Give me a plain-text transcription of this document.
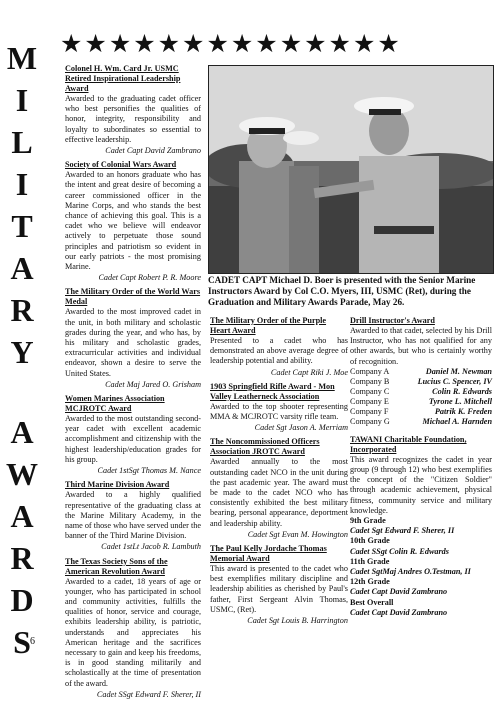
M
I
L
I
T
A
R
Y
A
W
A
R
D
S
★★★★★★★★★★★★★★
CADET CAPT Michael D. Boer is presented with the Senior Marine Instructors Award by Col C.O. Myers, III, USMC (Ret), during the Graduation and Military Awards Parade, May 26.
Colonel H. Wm. Card Jr. USMC Retired Inspirational Leadership Award
Awarded to the graduating cadet officer who best personifies the qualities of honor, integrity, responsibility and loyalty to subordinates so essential to effective leadership.
Cadet Capt David Zambrano
Society of Colonial Wars Award
Awarded to an honors graduate who has the intent and great desire of becoming a career commissioned officer in the Marine Corps, and who stands the best chance of achieving this goal. This is a cadet who we believe will endeavor actively to perpetuate those sound principles and patriotism so evident in our early patriots - the most promising Marine.
Cadet Capt Robert P. R. Moore
The Military Order of the World Wars Medal
Awarded to the most improved cadet in the unit, in both military and scholastic grades during the year, and who has, by his military and scholastic grades, extracurricular activities and individual endeavor, shown a desire to serve the United States.
Cadet Maj Jared O. Grisham
Women Marines Association MCJROTC Award
Awarded to the most outstanding second-year cadet with excellent academic accomplishment and citizenship with the highest leadership/education grades for his group.
Cadet 1stSgt Thomas M. Nance
Third Marine Division Award
Awarded to a highly qualified representative of the graduating class at the Marine Military Academy, in the name of those who have served under the banner of the Third Marine Division.
Cadet 1stLt Jacob R. Lambuth
The Texas Society Sons of the American Revolution Award
Awarded to a cadet, 18 years of age or younger, who has participated in school and community activities, fulfills the qualities of honor, service and courage, exhibits leadership ability, is patriotic, understands and appreciates his American heritage and the sacrifices necessary to gain and keep his freedoms, is in good standing militarily and scholastically at the time of presentation of the award.
Cadet SSgt Edward F. Sherer, II
The Military Order of the Purple Heart Award
Presented to a cadet who has demonstrated an above average degree of leadership potential and ability.
Cadet Capt Riki J. Moe
1903 Springfield Rifle Award - Mon Valley Leatherneck Association
Awarded to the top shooter representing MMA & MCJROTC varsity rifle team.
Cadet Sgt Jason A. Merriam
The Noncommissioned Officers Association JROTC Award
Awarded annually to the most outstanding cadet NCO in the unit during the past academic year. The award must be made to the cadet NCO who has consistently exhibited the best military bearing, personal appearance, deportment and leadership ability.
Cadet Sgt Evan M. Howington
The Paul Kelly Jordache Thomas Memorial Award
This award is presented to the cadet who best exemplifies military discipline and leadership abilities as cherished by Paul's father, First Sergeant Alvin Thomas, USMC, (Ret).
Cadet Sgt Louis B. Harrington
Drill Instructor's Award
Awarded to that cadet, selected by his Drill Instructor, who has not qualified for any other awards, but who is certainly worthy of recognition.
Company A	Daniel M. Newman
Company B	Lucius C. Spencer, IV
Company C	Colin R. Edwards
Company E	Tyrone L. Mitchell
Company F	Patrik K. Freden
Company G	Michael A. Harnden
TAWANI Charitable Foundation, Incorporated
This award recognizes the cadet in year group (9 through 12) who best exemplifies the concept of the "Citizen Soldier" through academic achievement, physical fitness, community service and military knowledge.
9th Grade
Cadet Sgt Edward F. Sherer, II
10th Grade
Cadet SSgt Colin R. Edwards
11th Grade
Cadet SgtMaj Andres O.Testman, II
12th Grade
Cadet Capt David Zambrano
Best Overall
Cadet Capt David Zambrano
6
